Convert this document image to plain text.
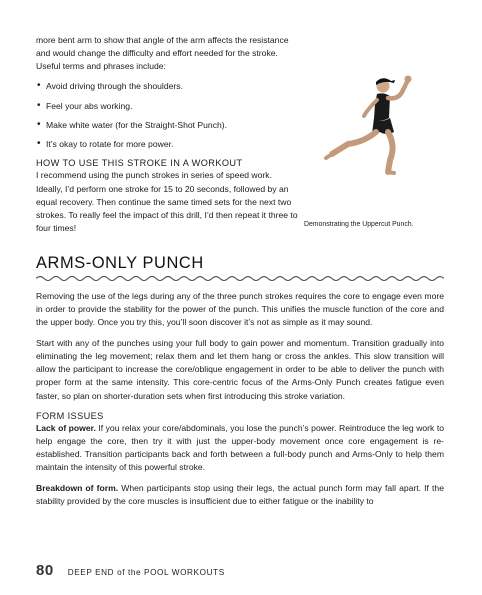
more bent arm to show that angle of the arm affects the resistance and would change the difficulty and effort needed for the stroke. Useful terms and phrases include:

• Avoid driving through the shoulders.
• Feel your abs working.
• Make white water (for the Straight-Shot Punch).
• It’s okay to rotate for more power.
HOW TO USE THIS STROKE IN A WORKOUT

I recommend using the punch strokes in series of speed work. Ideally, I’d perform one stroke for 15 to 20 seconds, followed by an equal recovery. Then continue the same timed sets for the next two strokes. To really feel the impact of this drill, I’d then repeat it three to four times!	Demonstrating the Uppercut Punch.
ARMS-ONLY PUNCH

Removing the use of the legs during any of the three punch strokes requires the core to engage even more in order to provide the stability for the power of the punch. This unifies the muscle function of the core and the upper body. Once you try this, you’ll soon discover it’s not as simple as it may sound.

Start with any of the punches using your full body to gain power and momentum. Transition gradually into eliminating the leg movement; relax them and let them hang or cross the ankles. This slow transition will allow the participant to increase the core/oblique engagement in order to be able to deliver the punch with proper form at the same intensity. This core-centric focus of the Arms-Only Punch creates fatigue even faster, so plan on shorter-duration sets when first introducing this stroke variation.

FORM ISSUES

Lack of power. If you relax your core/abdominals, you lose the punch’s power. Reintroduce the leg work to help engage the core, then try it with just the upper-body movement once core engagement is re-established. Transition participants back and forth between a full-body punch and Arms-Only to help them maintain the intensity of this powerful stroke.

Breakdown of form. When participants stop using their legs, the actual punch form may fall apart. If the stability provided by the core muscles is insufficient due to either fatigue or the inability to

80 DEEP END of the POOL WORKOUTS
